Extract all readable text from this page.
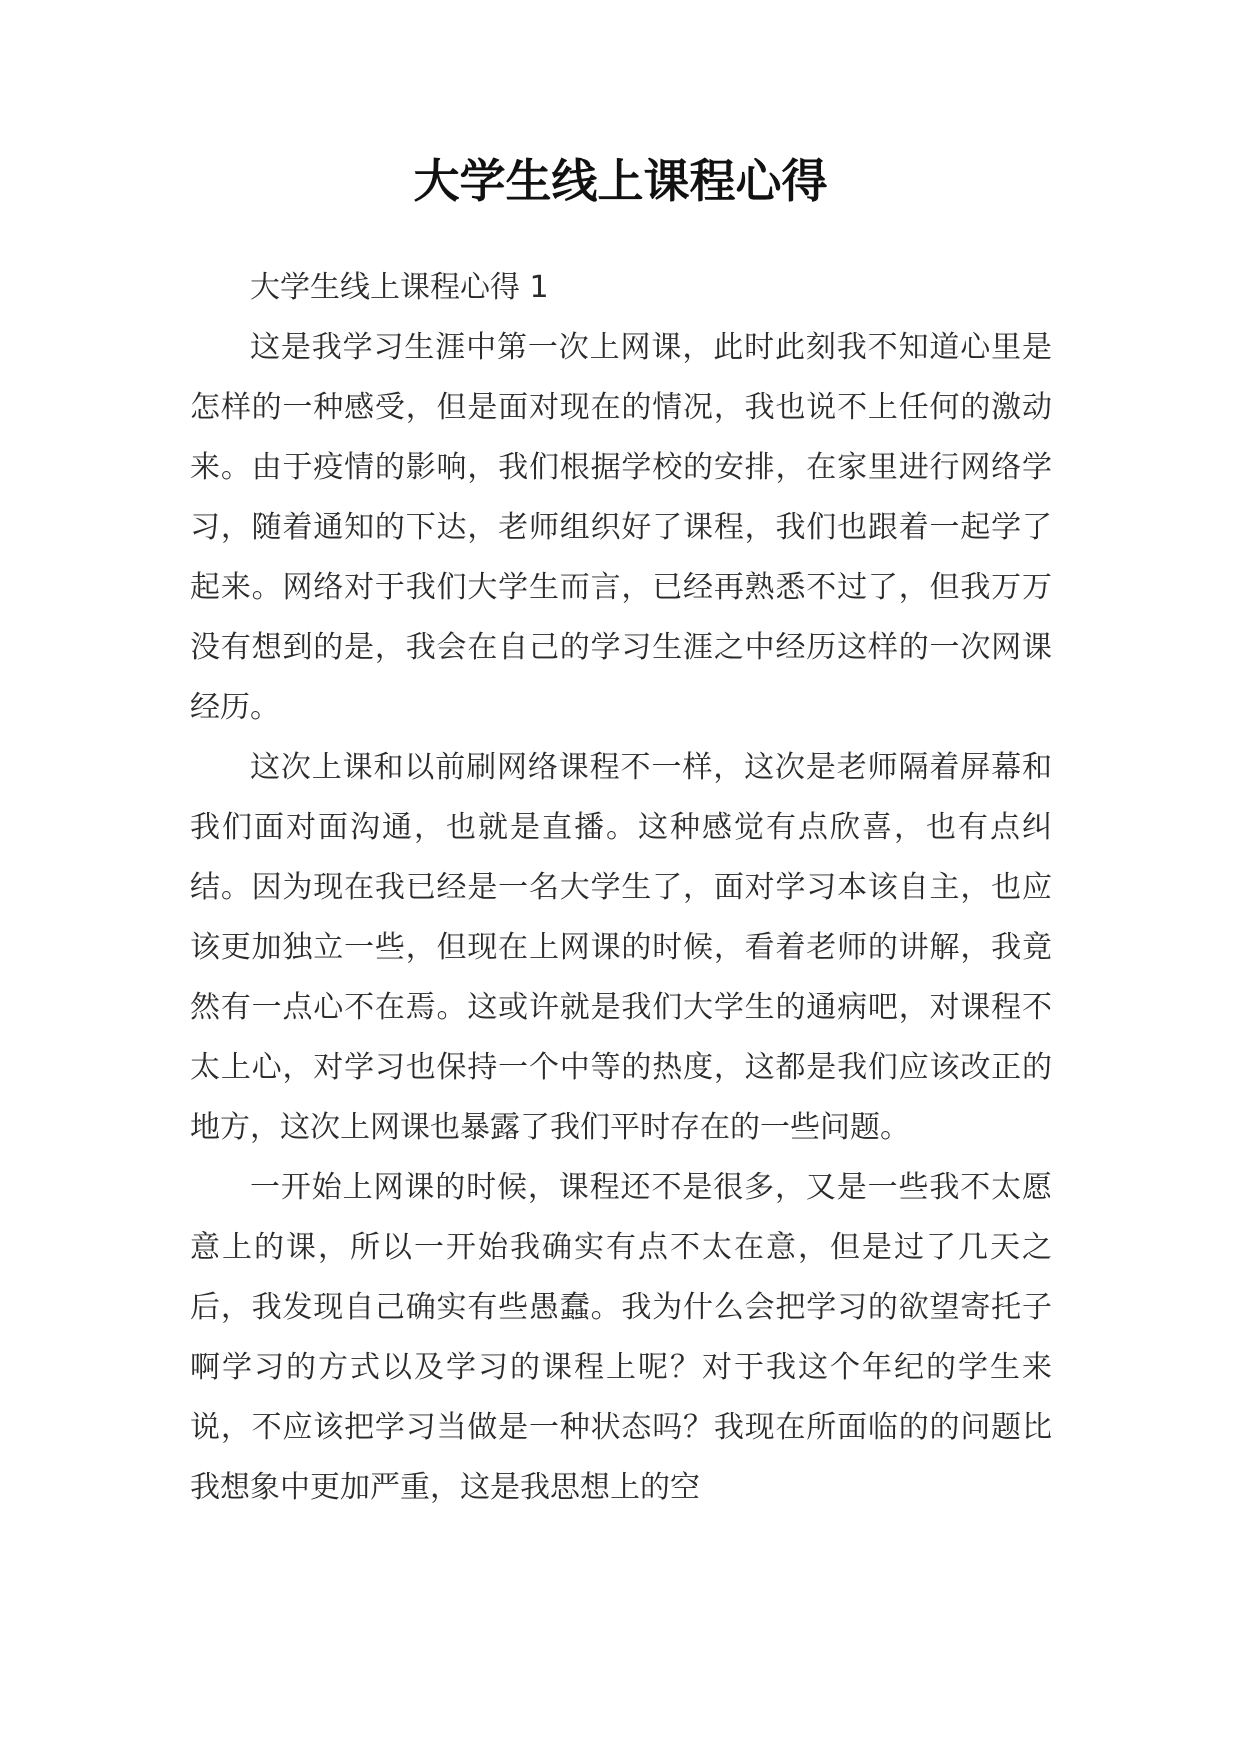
大学生线上课程心得

大学生线上课程心得 1

这是我学习生涯中第一次上网课，此时此刻我不知道心里是怎样的一种感受，但是面对现在的情况，我也说不上任何的激动来。由于疫情的影响，我们根据学校的安排，在家里进行网络学习，随着通知的下达，老师组织好了课程，我们也跟着一起学了起来。网络对于我们大学生而言，已经再熟悉不过了，但我万万没有想到的是，我会在自己的学习生涯之中经历这样的一次网课经历。

这次上课和以前刷网络课程不一样，这次是老师隔着屏幕和我们面对面沟通，也就是直播。这种感觉有点欣喜，也有点纠结。因为现在我已经是一名大学生了，面对学习本该自主，也应该更加独立一些，但现在上网课的时候，看着老师的讲解，我竟然有一点心不在焉。这或许就是我们大学生的通病吧，对课程不太上心，对学习也保持一个中等的热度，这都是我们应该改正的地方，这次上网课也暴露了我们平时存在的一些问题。

一开始上网课的时候，课程还不是很多，又是一些我不太愿意上的课，所以一开始我确实有点不太在意，但是过了几天之后，我发现自己确实有些愚蠢。我为什么会把学习的欲望寄托子啊学习的方式以及学习的课程上呢？对于我这个年纪的学生来说，不应该把学习当做是一种状态吗？我现在所面临的的问题比我想象中更加严重，这是我思想上的空
